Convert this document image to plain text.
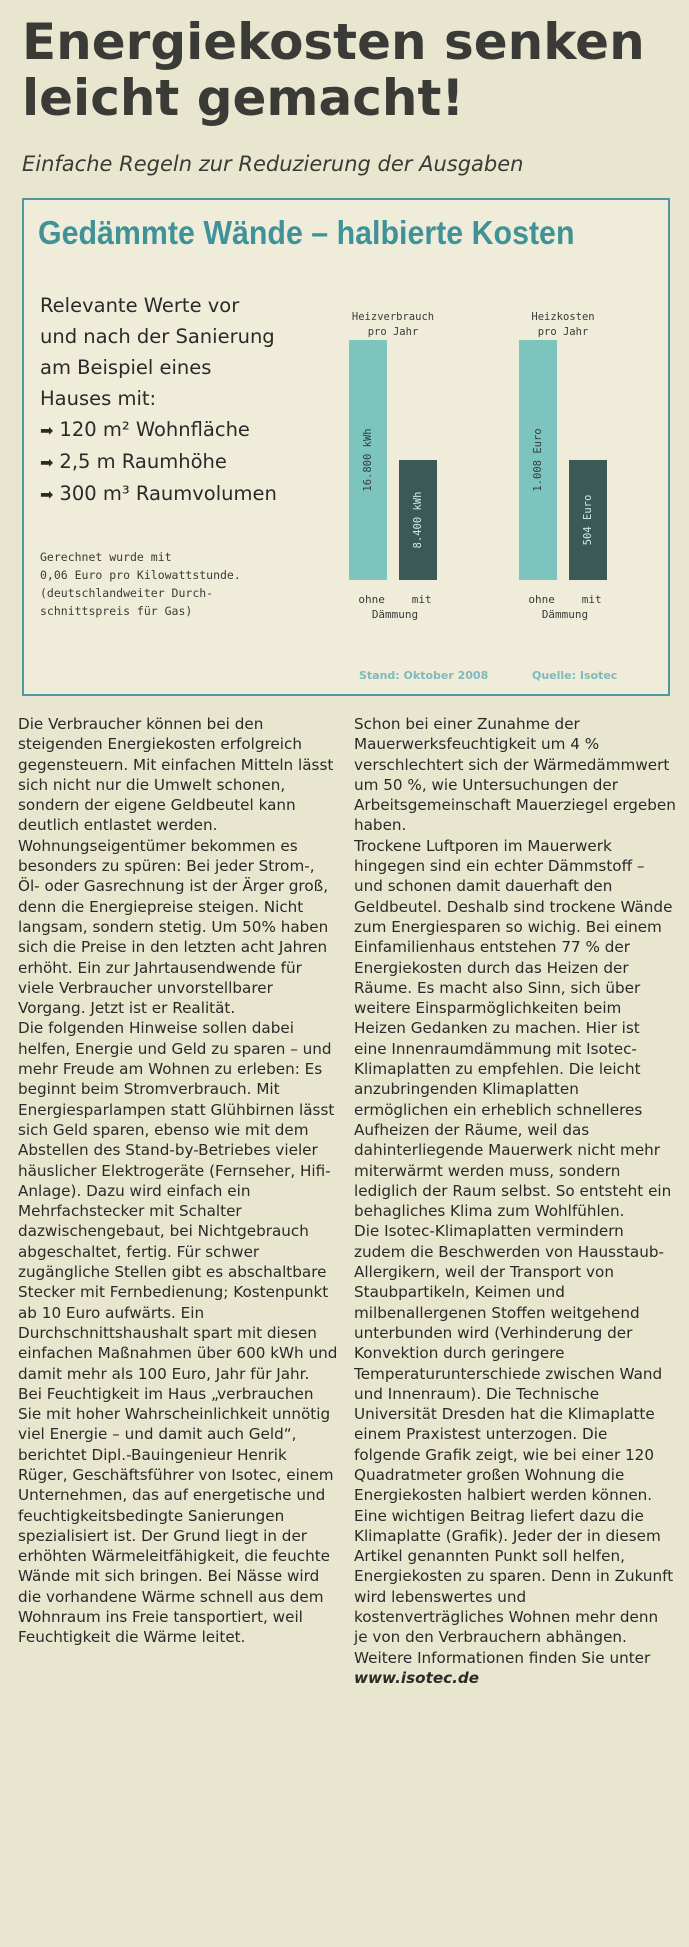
Energiekosten senken
leicht gemacht!
Einfache Regeln zur Reduzierung der Ausgaben
Gedämmte Wände – halbierte Kosten
Relevante Werte vor
und nach der Sanierung
am Beispiel eines
Hauses mit:
➡ 120 m² Wohnfläche
➡ 2,5 m Raumhöhe
➡ 300 m³ Raumvolumen
Gerechnet wurde mit
0,06 Euro pro Kilowattstunde.
(deutschlandweiter Durch-
schnittspreis für Gas)
Heizverbrauch
pro Jahr
16.800 kWh
8.400 kWh
ohne mit
Dämmung
Heizkosten
pro Jahr
1.008 Euro
504 Euro
ohne mit
Dämmung
Stand: Oktober 2008	Quelle: Isotec

Die Verbraucher können bei den steigenden Energiekosten erfolgreich gegensteuern. Mit einfachen Mitteln lässt sich nicht nur die Umwelt schonen, sondern der eigene Geldbeutel kann deutlich entlastet werden.

Wohnungseigentümer bekommen es besonders zu spüren: Bei jeder Strom-, Öl- oder Gasrechnung ist der Ärger groß, denn die Energiepreise steigen. Nicht langsam, sondern stetig. Um 50% haben sich die Preise in den letzten acht Jahren erhöht. Ein zur Jahrtausendwende für viele Verbraucher unvorstellbarer Vorgang. Jetzt ist er Realität.

Die folgenden Hinweise sollen dabei helfen, Energie und Geld zu sparen – und mehr Freude am Wohnen zu erleben: Es beginnt beim Stromverbrauch. Mit Energiesparlampen statt Glühbirnen lässt sich Geld sparen, ebenso wie mit dem Abstellen des Stand-by-Betriebes vieler häuslicher Elektrogeräte (Fernseher, Hifi-Anlage). Dazu wird einfach ein Mehrfachstecker mit Schalter dazwischengebaut, bei Nichtgebrauch abgeschaltet, fertig. Für schwer zugängliche Stellen gibt es abschaltbare Stecker mit Fernbedienung; Kostenpunkt ab 10 Euro aufwärts. Ein Durchschnittshaushalt spart mit diesen einfachen Maßnahmen über 600 kWh und damit mehr als 100 Euro, Jahr für Jahr.

Bei Feuchtigkeit im Haus „verbrauchen Sie mit hoher Wahrscheinlichkeit unnötig viel Energie – und damit auch Geld“, berichtet Dipl.-Bauingenieur Henrik Rüger, Geschäftsführer von Isotec, einem Unternehmen, das auf energetische und feuchtigkeitsbedingte Sanierungen spezialisiert ist. Der Grund liegt in der erhöhten Wärmeleitfähigkeit, die feuchte Wände mit sich bringen. Bei Nässe wird die vorhandene Wärme schnell aus dem Wohnraum ins Freie tansportiert, weil Feuchtigkeit die Wärme leitet.

Schon bei einer Zunahme der Mauerwerksfeuchtigkeit um 4 % verschlechtert sich der Wärmedämmwert um 50 %, wie Untersuchungen der Arbeitsgemeinschaft Mauerziegel ergeben haben.

Trockene Luftporen im Mauerwerk hingegen sind ein echter Dämmstoff – und schonen damit dauerhaft den Geldbeutel. Deshalb sind trockene Wände zum Energiesparen so wichig. Bei einem Einfamilienhaus entstehen 77 % der Energiekosten durch das Heizen der Räume. Es macht also Sinn, sich über weitere Einsparmöglichkeiten beim Heizen Gedanken zu machen. Hier ist eine Innenraumdämmung mit Isotec-Klimaplatten zu empfehlen. Die leicht anzubringenden Klimaplatten ermöglichen ein erheblich schnelleres Aufheizen der Räume, weil das dahinterliegende Mauerwerk nicht mehr miterwärmt werden muss, sondern lediglich der Raum selbst. So entsteht ein behagliches Klima zum Wohlfühlen.

Die Isotec-Klimaplatten vermindern zudem die Beschwerden von Hausstaub-Allergikern, weil der Transport von Staubpartikeln, Keimen und milbenallergenen Stoffen weitgehend unterbunden wird (Verhinderung der Konvektion durch geringere Temperaturunterschiede zwischen Wand und Innenraum). Die Technische Universität Dresden hat die Klimaplatte einem Praxistest unterzogen. Die folgende Grafik zeigt, wie bei einer 120 Quadratmeter großen Wohnung die Energiekosten halbiert werden können. Eine wichtigen Beitrag liefert dazu die Klimaplatte (Grafik). Jeder der in diesem Artikel genannten Punkt soll helfen, Energiekosten zu sparen. Denn in Zukunft wird lebenswertes und kostenverträgliches Wohnen mehr denn je von den Verbrauchern abhängen.

Weitere Informationen finden Sie unter www.isotec.de
